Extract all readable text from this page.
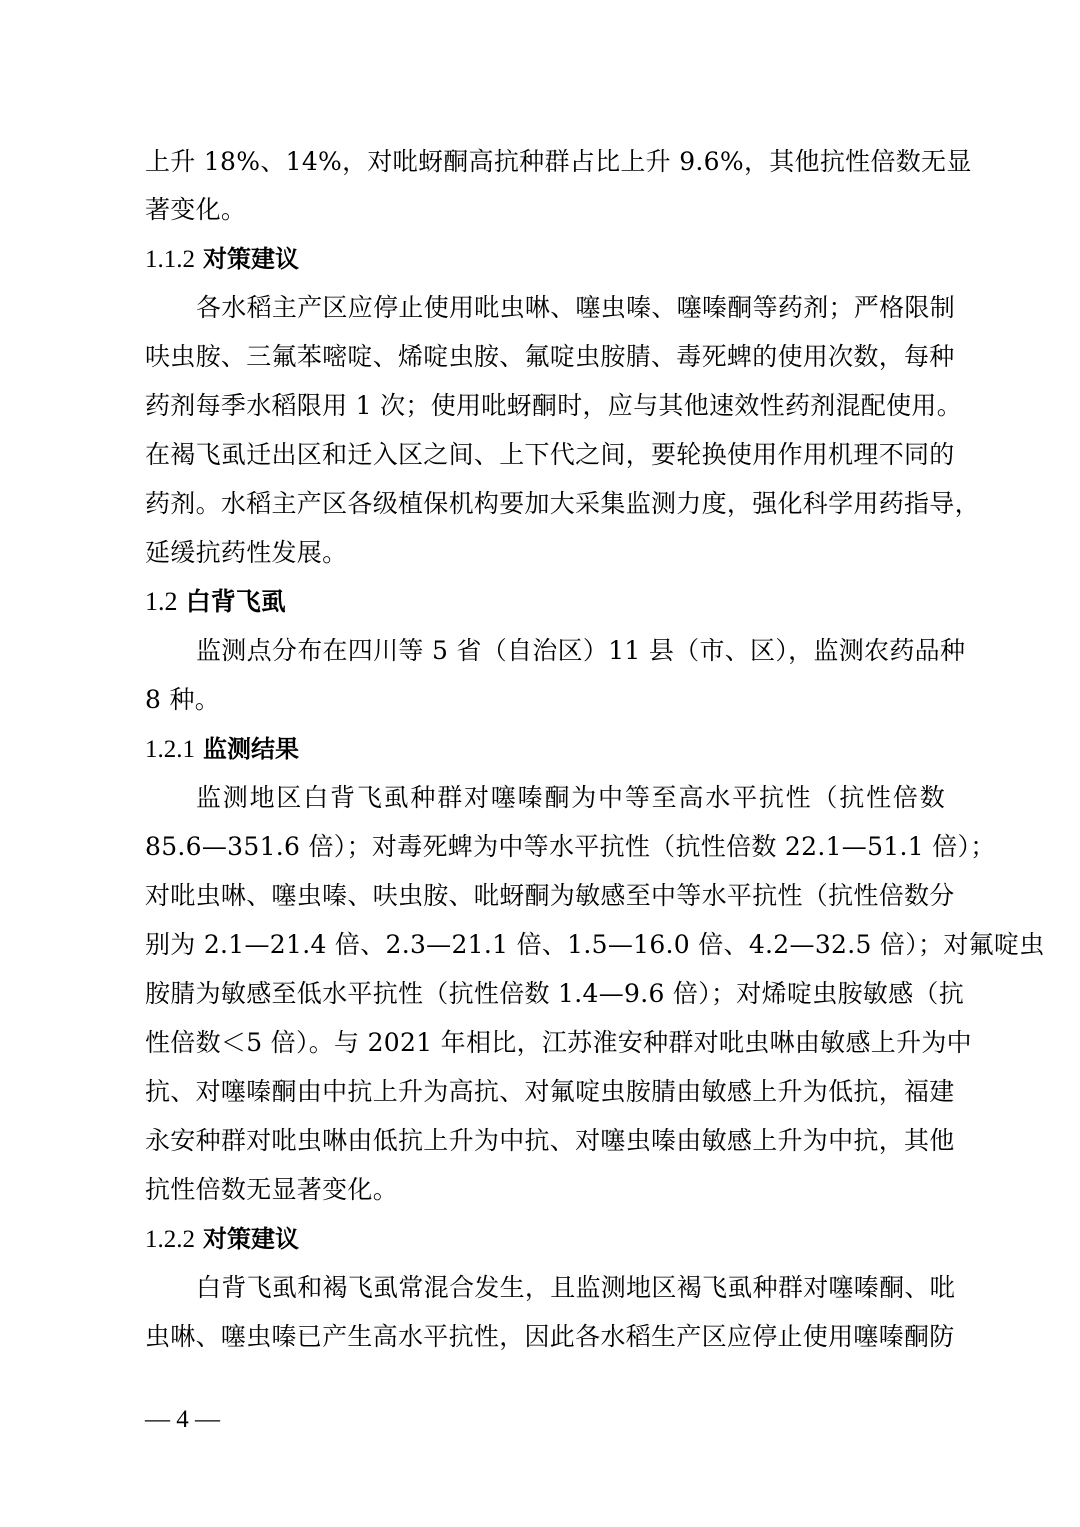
上升 18%、14%，对吡蚜酮高抗种群占比上升 9.6%，其他抗性倍数无显
著变化。
1.1.2 对策建议
各水稻主产区应停止使用吡虫啉、噻虫嗪、噻嗪酮等药剂；严格限制
呋虫胺、三氟苯嘧啶、烯啶虫胺、氟啶虫胺腈、毒死蜱的使用次数，每种
药剂每季水稻限用 1 次；使用吡蚜酮时，应与其他速效性药剂混配使用。
在褐飞虱迁出区和迁入区之间、上下代之间，要轮换使用作用机理不同的
药剂。水稻主产区各级植保机构要加大采集监测力度，强化科学用药指导，
延缓抗药性发展。
1.2 白背飞虱
监测点分布在四川等 5 省（自治区）11 县（市、区），监测农药品种
8 种。
1.2.1 监测结果
监测地区白背飞虱种群对噻嗪酮为中等至高水平抗性（抗性倍数
85.6—351.6 倍）；对毒死蜱为中等水平抗性（抗性倍数 22.1—51.1 倍）；
对吡虫啉、噻虫嗪、呋虫胺、吡蚜酮为敏感至中等水平抗性（抗性倍数分
别为 2.1—21.4 倍、2.3—21.1 倍、1.5—16.0 倍、4.2—32.5 倍）；对氟啶虫
胺腈为敏感至低水平抗性（抗性倍数 1.4—9.6 倍）；对烯啶虫胺敏感（抗
性倍数＜5 倍）。与 2021 年相比，江苏淮安种群对吡虫啉由敏感上升为中
抗、对噻嗪酮由中抗上升为高抗、对氟啶虫胺腈由敏感上升为低抗，福建
永安种群对吡虫啉由低抗上升为中抗、对噻虫嗪由敏感上升为中抗，其他
抗性倍数无显著变化。
1.2.2 对策建议
白背飞虱和褐飞虱常混合发生，且监测地区褐飞虱种群对噻嗪酮、吡
虫啉、噻虫嗪已产生高水平抗性，因此各水稻生产区应停止使用噻嗪酮防
— 4 —
